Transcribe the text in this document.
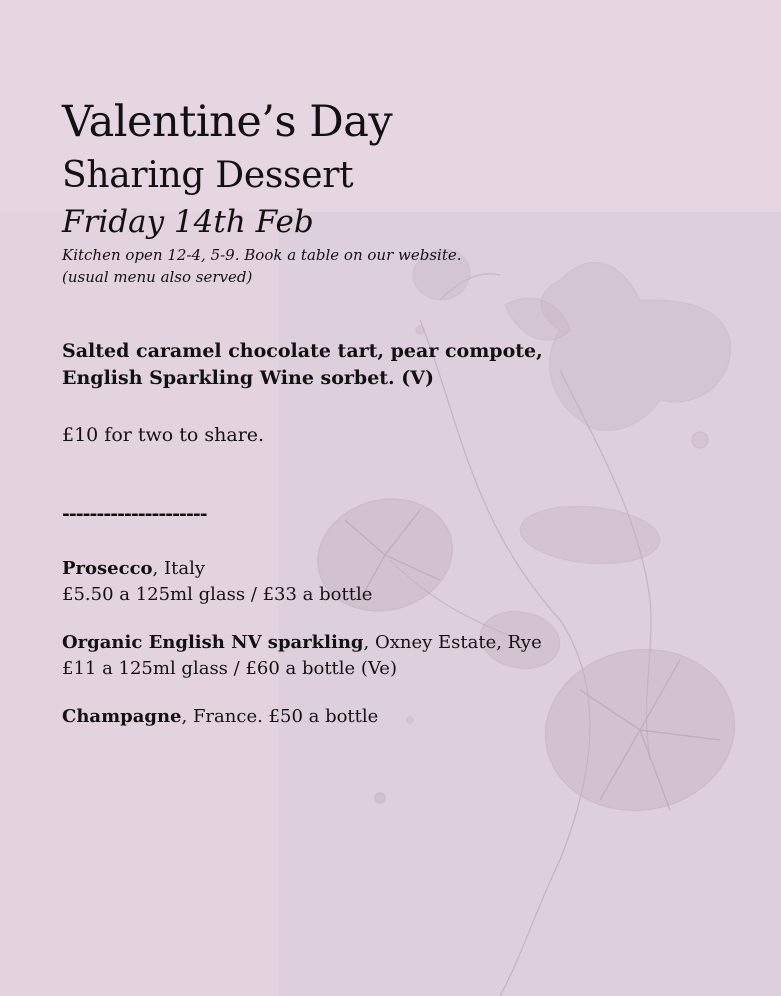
Valentine’s Day
Sharing Dessert
Friday 14th Feb
Kitchen open 12-4, 5-9. Book a table on our website.
(usual menu also served)
Salted caramel chocolate tart, pear compote,
English Sparkling Wine sorbet. (V)
£10 for two to share.
---------------------
Prosecco, Italy
£5.50 a 125ml glass / £33 a bottle
Organic English NV sparkling, Oxney Estate, Rye
£11 a 125ml glass / £60 a bottle (Ve)
Champagne, France. £50 a bottle
